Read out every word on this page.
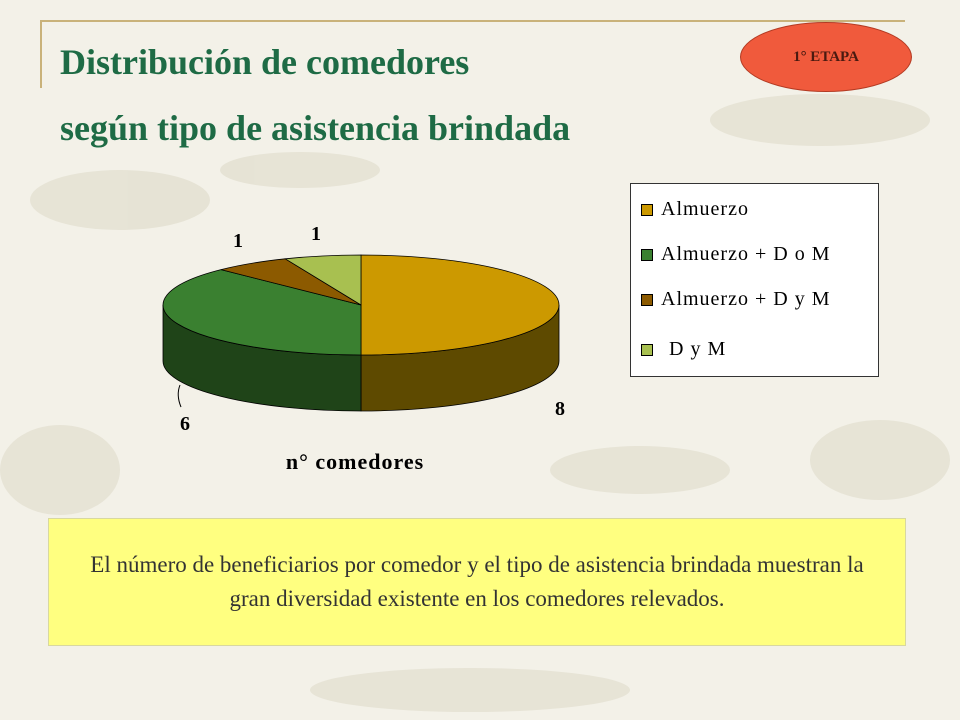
Distribución de comedores
según tipo de asistencia brindada
1° ETAPA
8
6
1	1
n° comedores
Almuerzo
Almuerzo + D o M
Almuerzo + D y M
D y M
El número de beneficiarios por comedor y el tipo de asistencia brindada muestran la gran diversidad existente en los comedores relevados.
